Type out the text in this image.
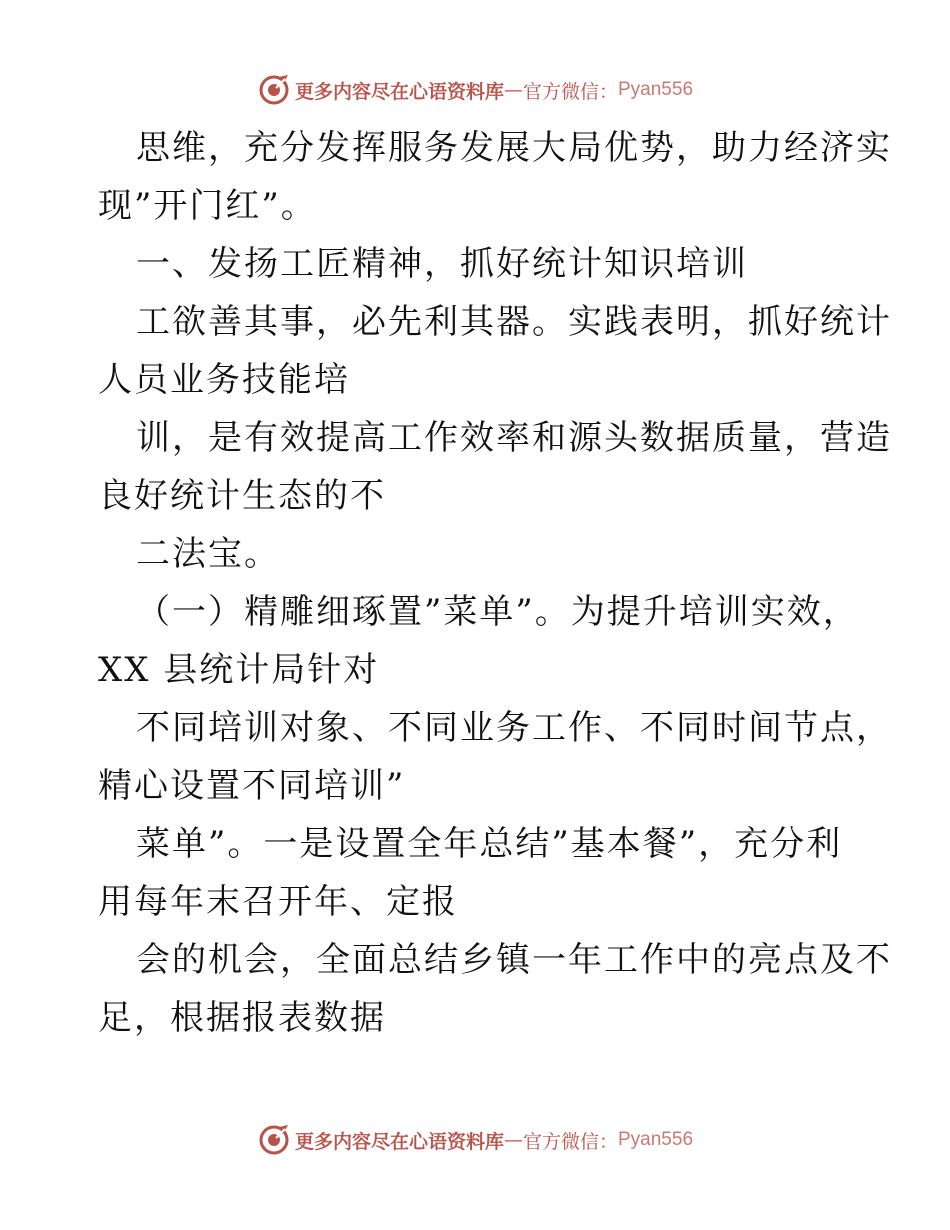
更多内容尽在心语资料库 — 官方微信： Pyan556
思维，充分发挥服务发展大局优势，助力经济实
现”开门红”。
一、发扬工匠精神，抓好统计知识培训
工欲善其事，必先利其器。实践表明，抓好统计
人员业务技能培
训，是有效提高工作效率和源头数据质量，营造
良好统计生态的不
二法宝。
（一）精雕细琢置”菜单”。为提升培训实效，
XX 县统计局针对
不同培训对象、不同业务工作、不同时间节点，
精心设置不同培训”
菜单”。一是设置全年总结”基本餐”，充分利
用每年末召开年、定报
会的机会，全面总结乡镇一年工作中的亮点及不
足，根据报表数据
更多内容尽在心语资料库 — 官方微信： Pyan556
